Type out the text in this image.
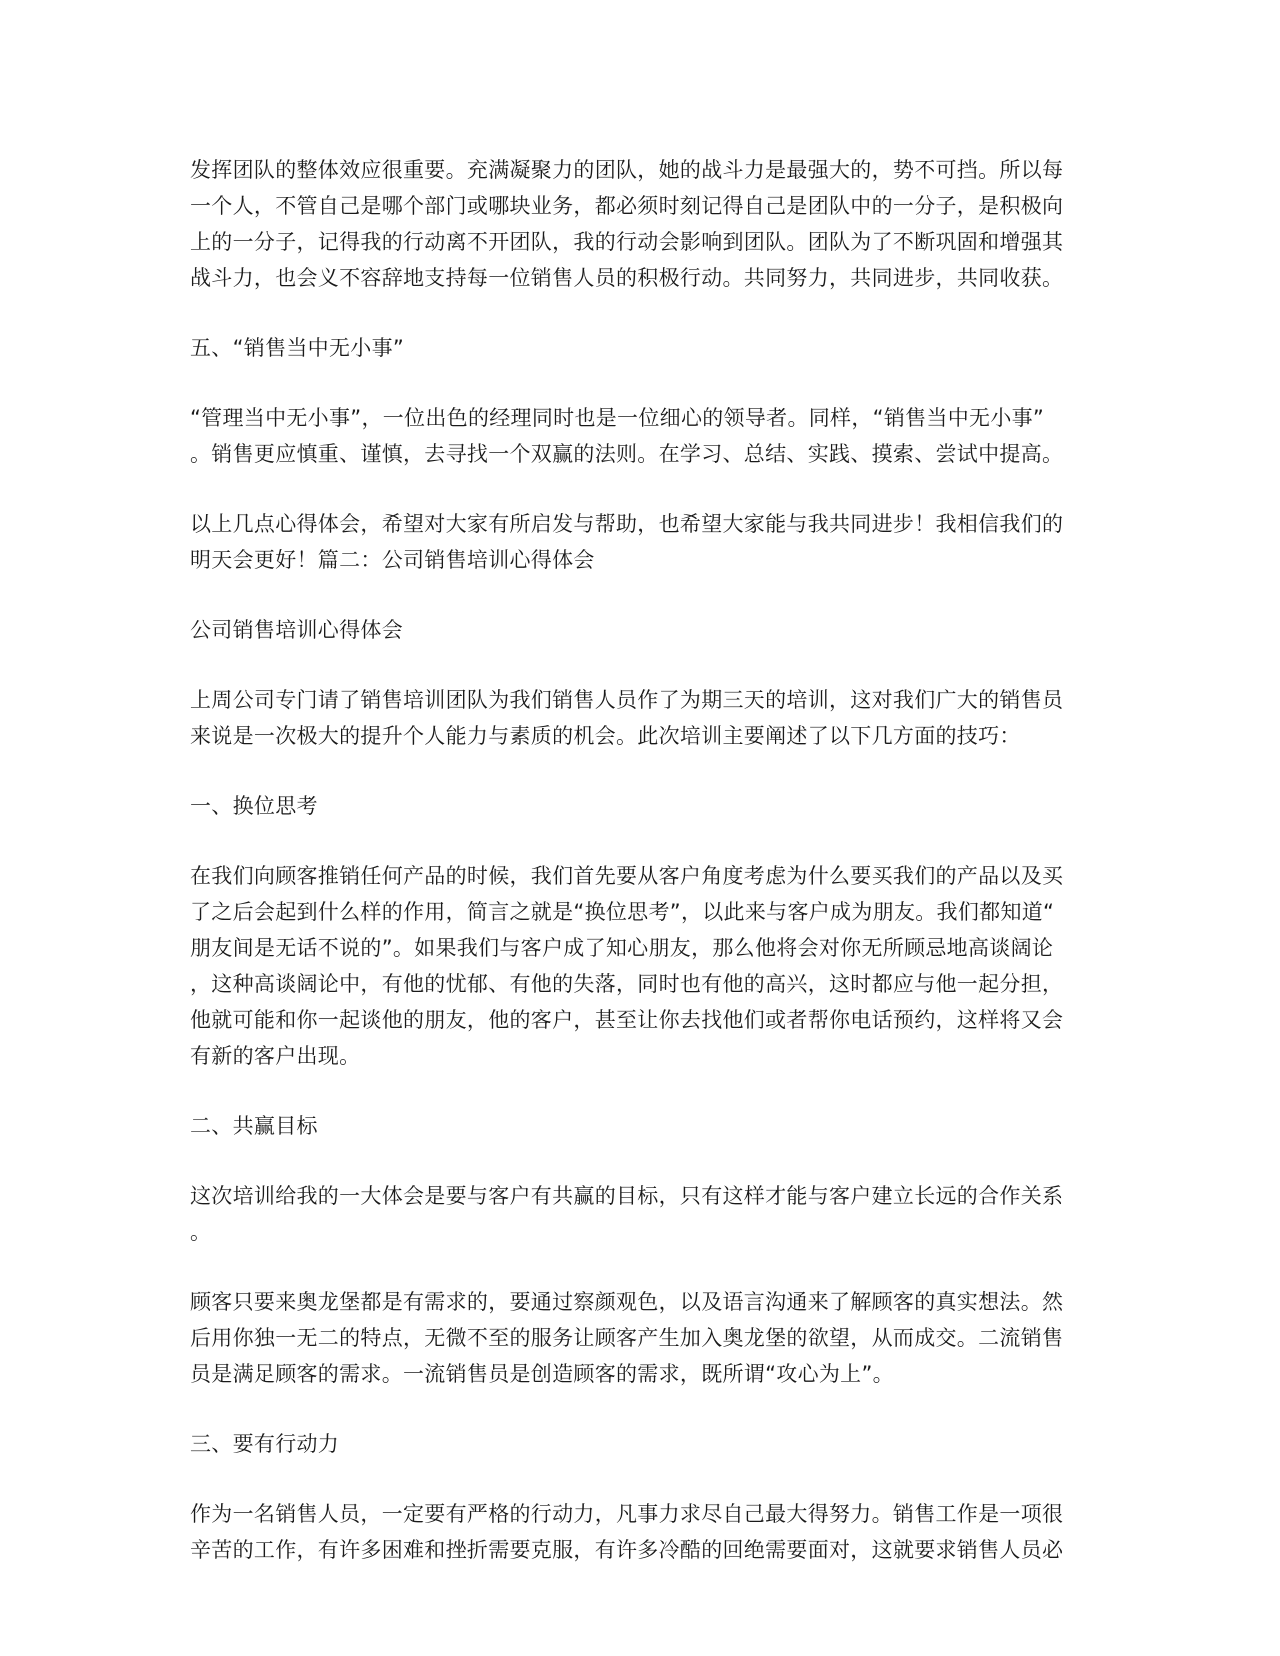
发挥团队的整体效应很重要。充满凝聚力的团队，她的战斗力是最强大的，势不可挡。所以每
一个人，不管自己是哪个部门或哪块业务，都必须时刻记得自己是团队中的一分子，是积极向
上的一分子，记得我的行动离不开团队，我的行动会影响到团队。团队为了不断巩固和增强其
战斗力，也会义不容辞地支持每一位销售人员的积极行动。共同努力，共同进步，共同收获。
五、“销售当中无小事”
“管理当中无小事”，一位出色的经理同时也是一位细心的领导者。同样，“销售当中无小事”
。销售更应慎重、谨慎，去寻找一个双赢的法则。在学习、总结、实践、摸索、尝试中提高。
以上几点心得体会，希望对大家有所启发与帮助，也希望大家能与我共同进步！我相信我们的
明天会更好！篇二：公司销售培训心得体会
公司销售培训心得体会
上周公司专门请了销售培训团队为我们销售人员作了为期三天的培训，这对我们广大的销售员
来说是一次极大的提升个人能力与素质的机会。此次培训主要阐述了以下几方面的技巧：
一、换位思考
在我们向顾客推销任何产品的时候，我们首先要从客户角度考虑为什么要买我们的产品以及买
了之后会起到什么样的作用，简言之就是“换位思考”，以此来与客户成为朋友。我们都知道“
朋友间是无话不说的”。如果我们与客户成了知心朋友，那么他将会对你无所顾忌地高谈阔论
，这种高谈阔论中，有他的忧郁、有他的失落，同时也有他的高兴，这时都应与他一起分担，
他就可能和你一起谈他的朋友，他的客户，甚至让你去找他们或者帮你电话预约，这样将又会
有新的客户出现。
二、共赢目标
这次培训给我的一大体会是要与客户有共赢的目标，只有这样才能与客户建立长远的合作关系
。
顾客只要来奥龙堡都是有需求的，要通过察颜观色，以及语言沟通来了解顾客的真实想法。然
后用你独一无二的特点，无微不至的服务让顾客产生加入奥龙堡的欲望，从而成交。二流销售
员是满足顾客的需求。一流销售员是创造顾客的需求，既所谓“攻心为上”。
三、要有行动力
作为一名销售人员，一定要有严格的行动力，凡事力求尽自己最大得努力。销售工作是一项很
辛苦的工作，有许多困难和挫折需要克服，有许多冷酷的回绝需要面对，这就要求销售人员必
